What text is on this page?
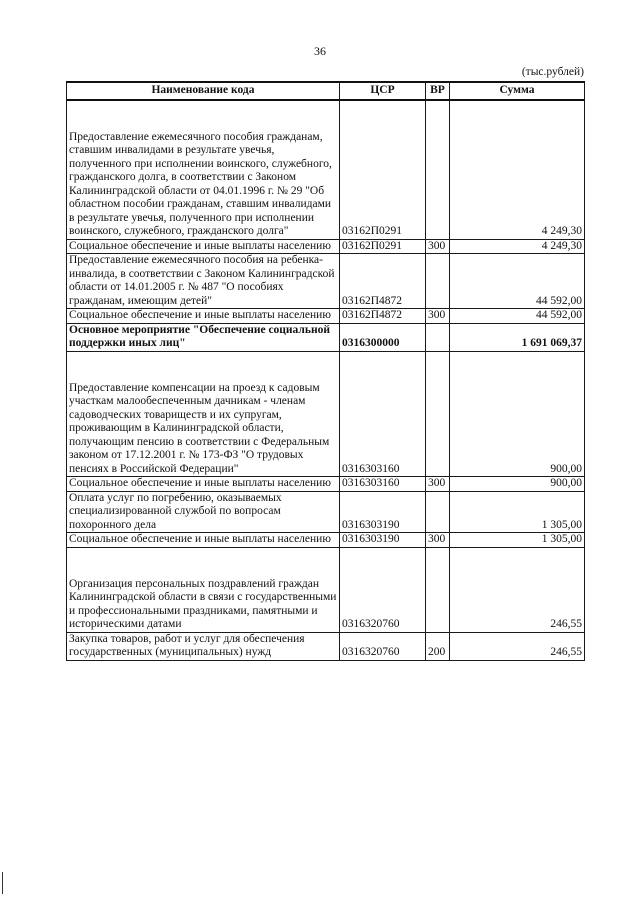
36
(тыс.рублей)
Наименование кода	ЦСР	ВР	Сумма
Предоставление ежемесячного пособия гражданам, ставшим инвалидами в результате увечья, полученного при исполнении воинского, служебного, гражданского долга, в соответствии с Законом Калининградской области от 04.01.1996 г. № 29 "Об областном пособии гражданам, ставшим инвалидами в результате увечья, полученного при исполнении воинского, служебного, гражданского долга"	03162П0291		4 249,30
Социальное обеспечение и иные выплаты населению	03162П0291	300	4 249,30
Предоставление ежемесячного пособия на ребенка-инвалида, в соответствии с Законом Калининградской области от 14.01.2005 г. № 487 "О пособиях гражданам, имеющим детей"	03162П4872		44 592,00
Социальное обеспечение и иные выплаты населению	03162П4872	300	44 592,00
Основное мероприятие "Обеспечение социальной поддержки иных лиц"	0316300000		1 691 069,37
Предоставление компенсации на проезд к садовым участкам малообеспеченным дачникам - членам садоводческих товариществ и их супругам, проживающим в Калининградской области, получающим пенсию в соответствии с Федеральным законом от 17.12.2001 г. № 173-ФЗ "О трудовых пенсиях в Российской Федерации"	0316303160		900,00
Социальное обеспечение и иные выплаты населению	0316303160	300	900,00
Оплата услуг по погребению, оказываемых специализированной службой по вопросам похоронного дела	0316303190		1 305,00
Социальное обеспечение и иные выплаты населению	0316303190	300	1 305,00
Организация персональных поздравлений граждан Калининградской области в связи с государственными и профессиональными праздниками, памятными и историческими датами	0316320760		246,55
Закупка товаров, работ и услуг для обеспечения государственных (муниципальных) нужд	0316320760	200	246,55
